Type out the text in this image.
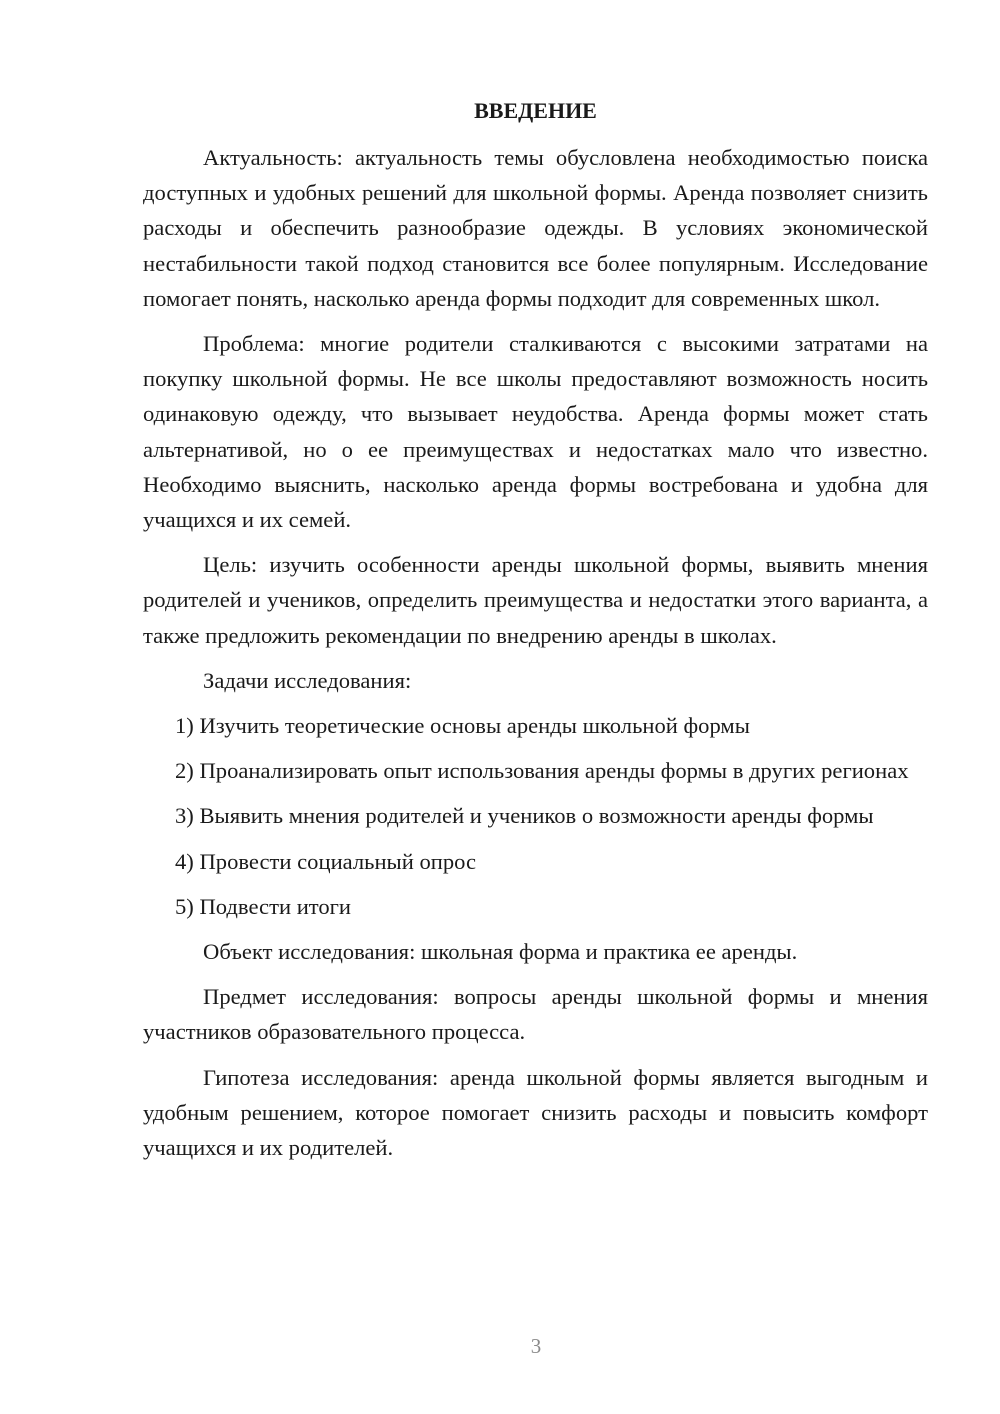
ВВЕДЕНИЕ

Актуальность: актуальность темы обусловлена необходимостью поиска доступных и удобных решений для школьной формы. Аренда позволяет снизить расходы и обеспечить разнообразие одежды. В условиях экономической нестабильности такой подход становится все более популярным. Исследование помогает понять, насколько аренда формы подходит для современных школ.

Проблема: многие родители сталкиваются с высокими затратами на покупку школьной формы. Не все школы предоставляют возможность носить одинаковую одежду, что вызывает неудобства. Аренда формы может стать альтернативой, но о ее преимуществах и недостатках мало что известно. Необходимо выяснить, насколько аренда формы востребована и удобна для учащихся и их семей.

Цель: изучить особенности аренды школьной формы, выявить мнения родителей и учеников, определить преимущества и недостатки этого варианта, а также предложить рекомендации по внедрению аренды в школах.

Задачи исследования:

1) Изучить теоретические основы аренды школьной формы

2) Проанализировать опыт использования аренды формы в других регионах

3) Выявить мнения родителей и учеников о возможности аренды формы

4) Провести социальный опрос

5) Подвести итоги

Объект исследования: школьная форма и практика ее аренды.

Предмет исследования: вопросы аренды школьной формы и мнения участников образовательного процесса.

Гипотеза исследования: аренда школьной формы является выгодным и удобным решением, которое помогает снизить расходы и повысить комфорт учащихся и их родителей.

3
